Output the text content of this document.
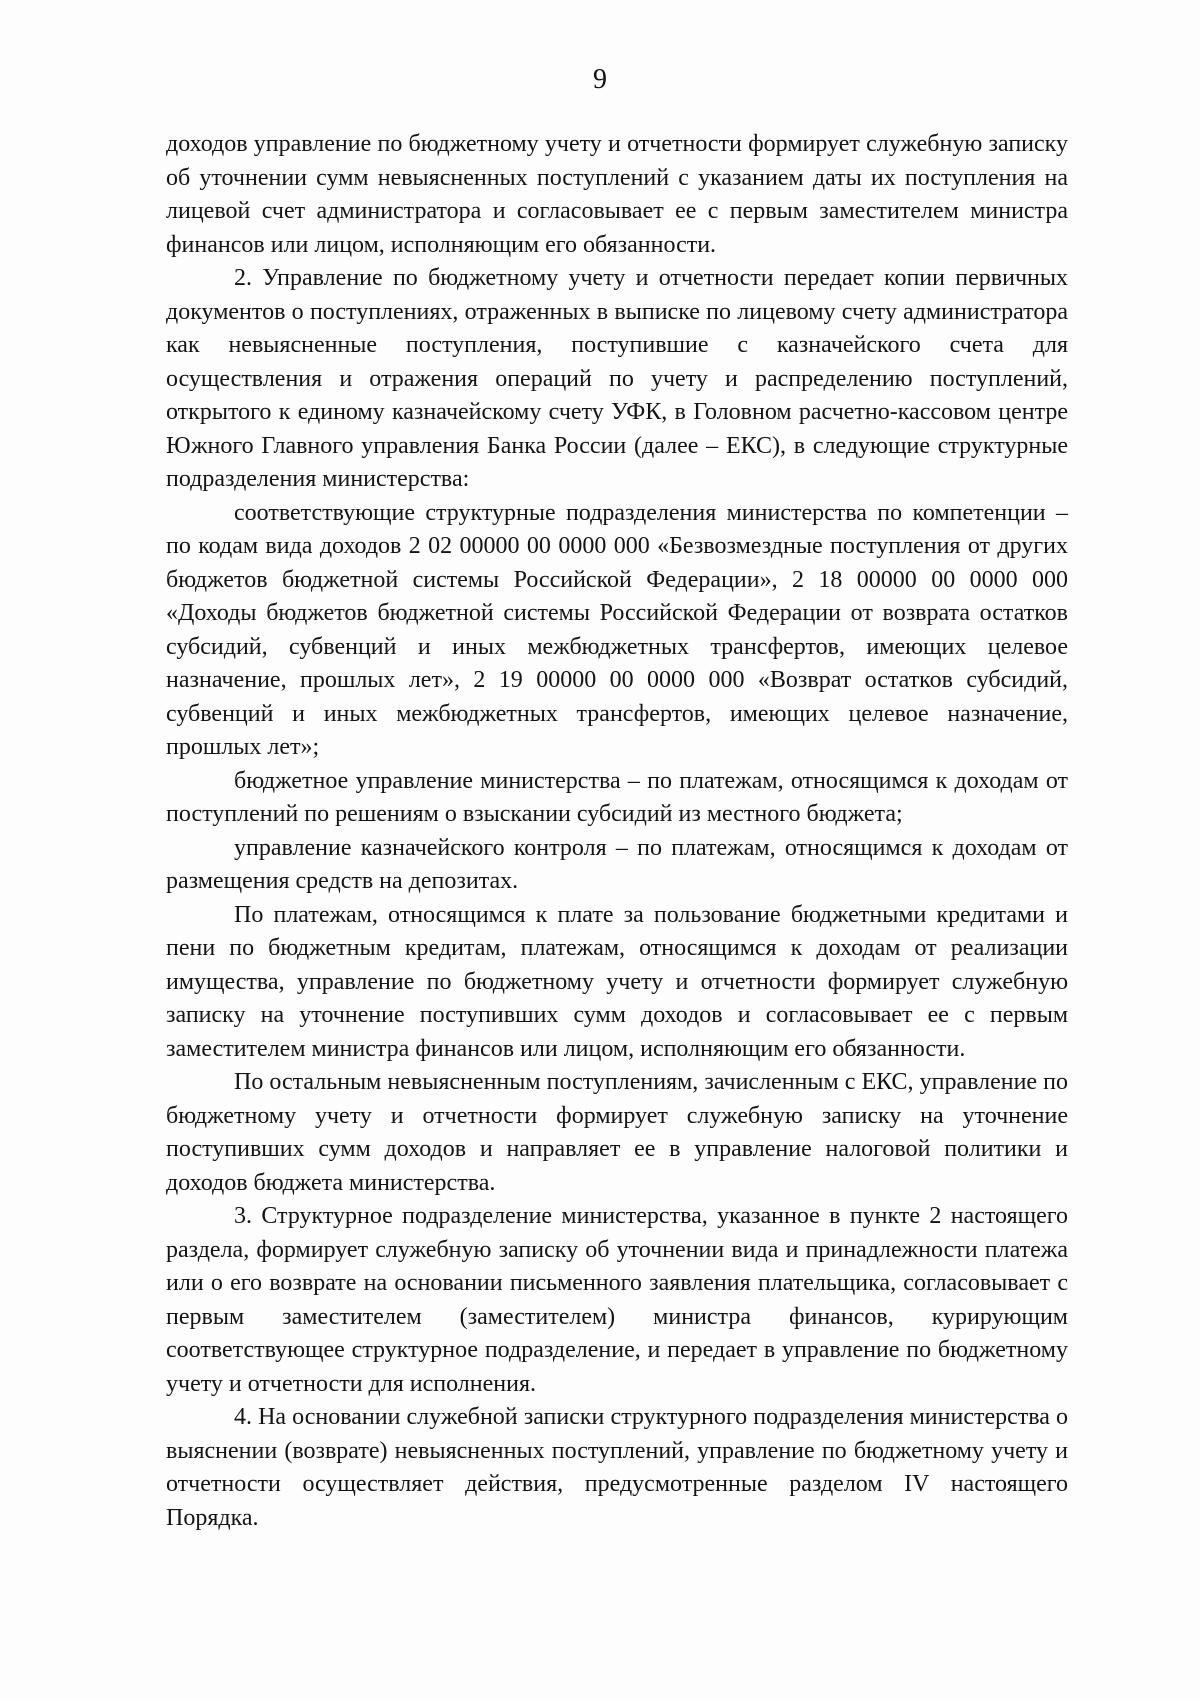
9

доходов управление по бюджетному учету и отчетности формирует служебную записку об уточнении сумм невыясненных поступлений с указанием даты их поступления на лицевой счет администратора и согласовывает ее с первым заместителем министра финансов или лицом, исполняющим его обязанности.

2. Управление по бюджетному учету и отчетности передает копии первичных документов о поступлениях, отраженных в выписке по лицевому счету администратора как невыясненные поступления, поступившие с казначейского счета для осуществления и отражения операций по учету и распределению поступлений, открытого к единому казначейскому счету УФК, в Головном расчетно-кассовом центре Южного Главного управления Банка России (далее – ЕКС), в следующие структурные подразделения министерства:

соответствующие структурные подразделения министерства по компетенции – по кодам вида доходов 2 02 00000 00 0000 000 «Безвозмездные поступления от других бюджетов бюджетной системы Российской Федерации», 2 18 00000 00 0000 000 «Доходы бюджетов бюджетной системы Российской Федерации от возврата остатков субсидий, субвенций и иных межбюджетных трансфертов, имеющих целевое назначение, прошлых лет», 2 19 00000 00 0000 000 «Возврат остатков субсидий, субвенций и иных межбюджетных трансфертов, имеющих целевое назначение, прошлых лет»;

бюджетное управление министерства – по платежам, относящимся к доходам от поступлений по решениям о взыскании субсидий из местного бюджета;

управление казначейского контроля – по платежам, относящимся к доходам от размещения средств на депозитах.

По платежам, относящимся к плате за пользование бюджетными кредитами и пени по бюджетным кредитам, платежам, относящимся к доходам от реализации имущества, управление по бюджетному учету и отчетности формирует служебную записку на уточнение поступивших сумм доходов и согласовывает ее с первым заместителем министра финансов или лицом, исполняющим его обязанности.

По остальным невыясненным поступлениям, зачисленным с ЕКС, управление по бюджетному учету и отчетности формирует служебную записку на уточнение поступивших сумм доходов и направляет ее в управление налоговой политики и доходов бюджета министерства.

3. Структурное подразделение министерства, указанное в пункте 2 настоящего раздела, формирует служебную записку об уточнении вида и принадлежности платежа или о его возврате на основании письменного заявления плательщика, согласовывает с первым заместителем (заместителем) министра финансов, курирующим соответствующее структурное подразделение, и передает в управление по бюджетному учету и отчетности для исполнения.

4. На основании служебной записки структурного подразделения министерства о выяснении (возврате) невыясненных поступлений, управление по бюджетному учету и отчетности осуществляет действия, предусмотренные разделом IV настоящего Порядка.
